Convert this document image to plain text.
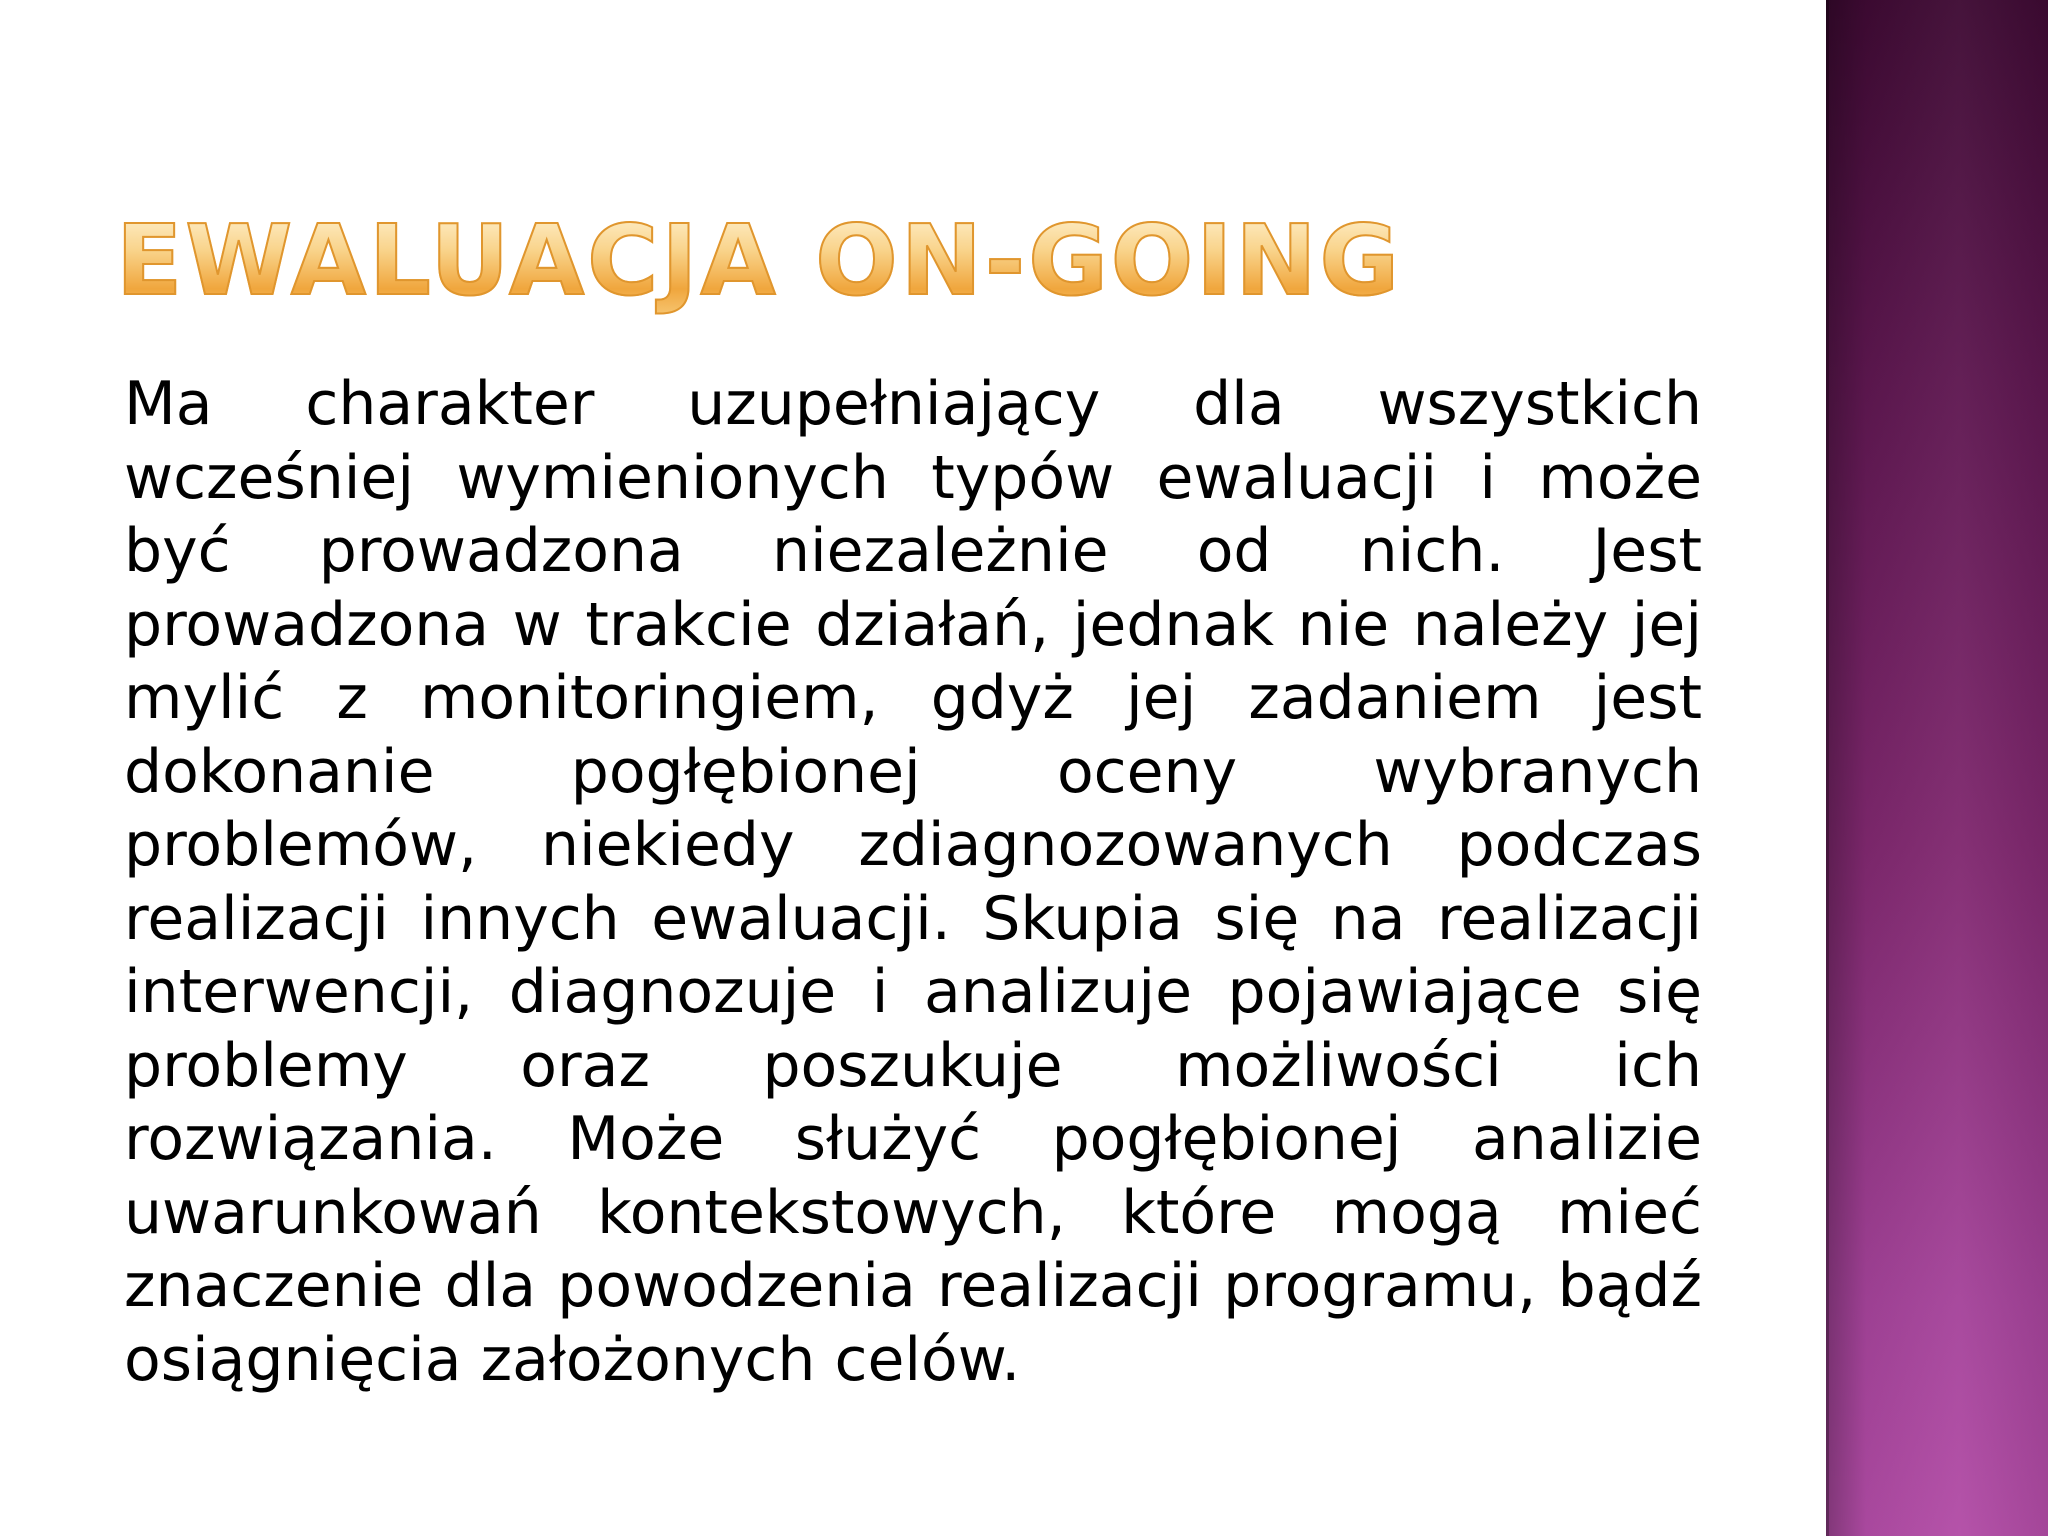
EWALUACJA ON-GOING

Ma charakter uzupełniający dla wszystkich wcześniej wymienionych typów ewaluacji i może być prowadzona niezależnie od nich. Jest prowadzona w trakcie działań, jednak nie należy jej mylić z monitoringiem, gdyż jej zadaniem jest dokonanie pogłębionej oceny wybranych problemów, niekiedy zdiagnozowanych podczas realizacji innych ewaluacji. Skupia się na realizacji interwencji, diagnozuje i analizuje pojawiające się problemy oraz poszukuje możliwości ich rozwiązania. Może służyć pogłębionej analizie uwarunkowań kontekstowych, które mogą mieć znaczenie dla powodzenia realizacji programu, bądź osiągnięcia założonych celów.
